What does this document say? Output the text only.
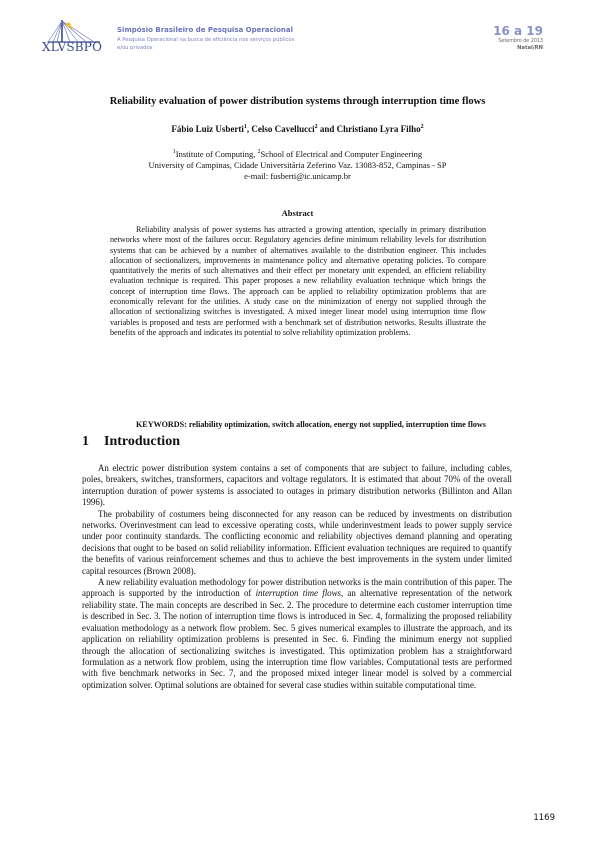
XLVSBPO
Simpósio Brasileiro de Pesquisa Operacional
A Pesquisa Operacional na busca de eficiência nos serviços públicos e/ou privados
16 a 19
Setembro de 2013
Natal/RN
Reliability evaluation of power distribution systems through interruption time flows
Fábio Luiz Usberti$^1$, Celso Cavellucci$^2$ and Christiano Lyra Filho$^2$
$^1$Institute of Computing, $^2$School of Electrical and Computer Engineering
University of Campinas, Cidade Universitária Zeferino Vaz. 13083-852, Campinas - SP
e-mail: fusberti@ic.unicamp.br
Abstract
Reliability analysis of power systems has attracted a growing attention, specially in primary distribution networks where most of the failures occur. Regulatory agencies define minimum reliability levels for distribution systems that can be achieved by a number of alternatives available to the distribution engineer. This includes allocation of sectionalizers, improvements in maintenance policy and alternative operating policies. To compare quantitatively the merits of such alternatives and their effect per monetary unit expended, an efficient reliability evaluation technique is required. This paper proposes a new reliability evaluation technique which brings the concept of interruption time flows. The approach can be applied to reliability optimization problems that are economically relevant for the utilities. A study case on the minimization of energy not supplied through the allocation of sectionalizing switches is investigated. A mixed integer linear model using interruption time flow variables is proposed and tests are performed with a benchmark set of distribution networks. Results illustrate the benefits of the approach and indicates its potential to solve reliability optimization problems.
KEYWORDS: reliability optimization, switch allocation, energy not supplied, interruption time flows
1 Introduction

An electric power distribution system contains a set of components that are subject to failure, including cables, poles, breakers, switches, transformers, capacitors and voltage regulators. It is estimated that about 70% of the overall interruption duration of power systems is associated to outages in primary distribution networks (Billinton and Allan 1996).

The probability of costumers being disconnected for any reason can be reduced by investments on distribution networks. Overinvestment can lead to excessive operating costs, while underinvestment leads to power supply service under poor continuity standards. The conflicting economic and reliability objectives demand planning and operating decisions that ought to be based on solid reliability information. Efficient evaluation techniques are required to quantify the benefits of various reinforcement schemes and thus to achieve the best improvements in the system under limited capital resources (Brown 2008).

A new reliability evaluation methodology for power distribution networks is the main contribution of this paper. The approach is supported by the introduction of interruption time flows, an alternative representation of the network reliability state. The main concepts are described in Sec. 2. The procedure to determine each customer interruption time is described in Sec. 3. The notion of interruption time flows is introduced in Sec. 4, formalizing the proposed reliability evaluation methodology as a network flow problem. Sec. 5 gives numerical examples to illustrate the approach, and its application on reliability optimization problems is presented in Sec. 6. Finding the minimum energy not supplied through the allocation of sectionalizing switches is investigated. This optimization problem has a straightforward formulation as a network flow problem, using the interruption time flow variables. Computational tests are performed with five benchmark networks in Sec. 7, and the proposed mixed integer linear model is solved by a commercial optimization solver. Optimal solutions are obtained for several case studies within suitable computational time.

1169
